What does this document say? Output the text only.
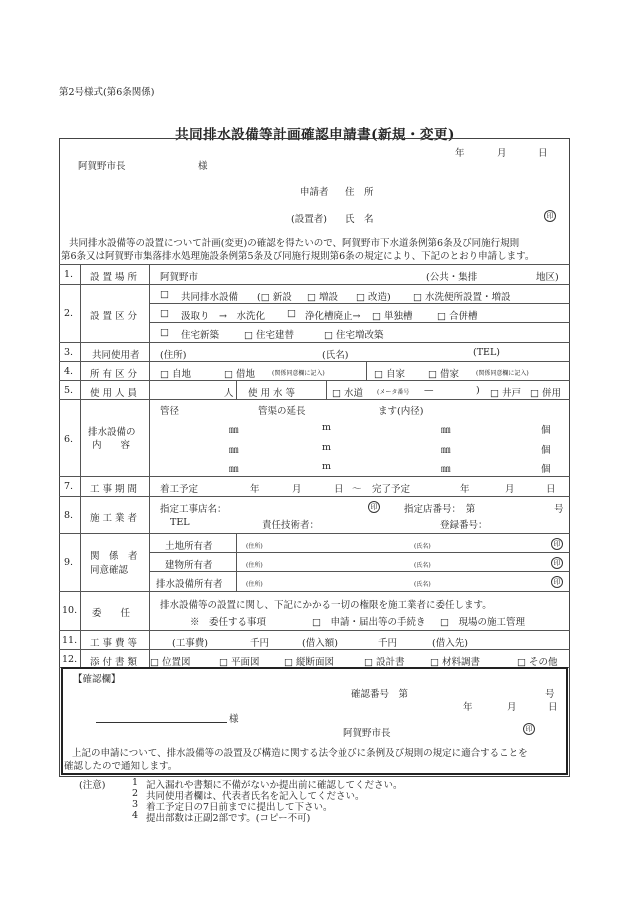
第2号様式(第6条関係)
共同排水設備等計画確認申請書(新規・変更)
年	月	日
阿賀野市長	様
申請者 住　所
(設置者) 氏　名	印
共同排水設備等の設置について計画(変更)の確認を得たいので、阿賀野市下水道条例第6条及び同施行規則
第6条又は阿賀野市集落排水処理施設条例第5条及び同施行規則第6条の規定により、下記のとおり申請します。
1. 設置場所 阿賀野市	(公共・集排	地区)
2. 設置区分
□ 共同排水設備 (□ 新設 □ 増設 □ 改造) □ 水洗便所設置・増設
□ 汲取り　→　水洗化 □ 浄化槽廃止→ □ 単独槽	□ 合併槽
□ 住宅新築	□ 住宅建替	□ 住宅増改築
3. 共同使用者 (住所)	(氏名)	(TEL)
4. 所有区分 □ 自地	□ 借地	(関係同意欄に記入)	□ 自家 □ 借家	(関係同意欄に記入)
5. 使用人員	人 使用水等	□ 水道 (メータ番号 —	) □ 井戸 □ 併用
6.
排水設備の
内　　容
管径	管渠の延長	ます(内径)
㎜	m	㎜	個
㎜	m	㎜	個
㎜	m	㎜	個
7. 工事期間 着工予定	年	月	日 〜 完了予定	年	月	日
8. 施工業者
指定工事店名：	印	指定店番号：　第	号
TEL	責任技術者：	登録番号：
9.
関　係　者
同意確認
土地所有者	(住所)	(氏名)	印
建物所有者	(住所)	(氏名)	印
排水設備所有者	(住所)	(氏名)	印
10. 委　　任
排水設備等の設置に関し、下記にかかる一切の権限を施工業者に委任します。
※　委任する事項	□　申請・届出等の手続き □　現場の施工管理
11. 工事費等	(工事費)	千円	(借入額)	千円	(借入先)
12. 添付書類 □ 位置図	□ 平面図	□ 縦断面図	□ 設計書	□ 材料調書	□ その他
【確認欄】
確認番号　第	号
年	月	日
様
阿賀野市長	印
上記の申請について、排水設備等の設置及び構造に関する法令並びに条例及び規則の規定に適合することを
確認したので通知します。
(注意)	1 記入漏れや書類に不備がないか提出前に確認してください。
2 共同使用者欄は、代表者氏名を記入してください。
3 着工予定日の7日前までに提出して下さい。
4 提出部数は正副2部です。(コピー不可)
